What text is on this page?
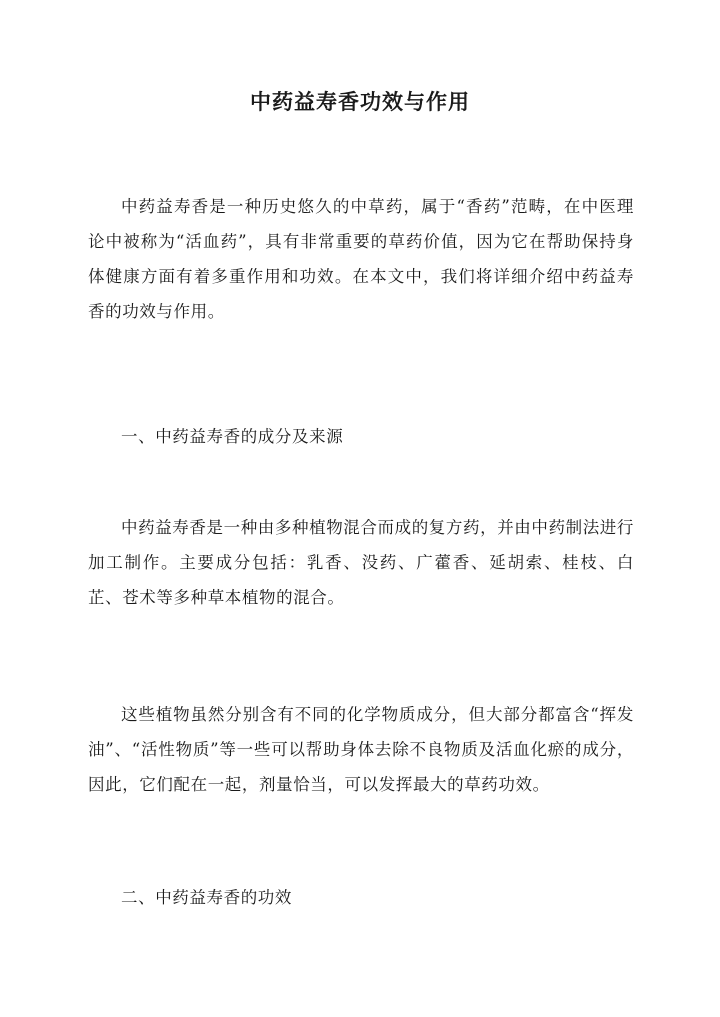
中药益寿香功效与作用

中药益寿香是一种历史悠久的中草药，属于“香药”范畴，在中医理论中被称为“活血药”，具有非常重要的草药价值，因为它在帮助保持身体健康方面有着多重作用和功效。在本文中，我们将详细介绍中药益寿香的功效与作用。

一、中药益寿香的成分及来源

中药益寿香是一种由多种植物混合而成的复方药，并由中药制法进行加工制作。主要成分包括：乳香、没药、广藿香、延胡索、桂枝、白芷、苍术等多种草本植物的混合。

这些植物虽然分别含有不同的化学物质成分，但大部分都富含“挥发油”、“活性物质”等一些可以帮助身体去除不良物质及活血化瘀的成分，因此，它们配在一起，剂量恰当，可以发挥最大的草药功效。

二、中药益寿香的功效
